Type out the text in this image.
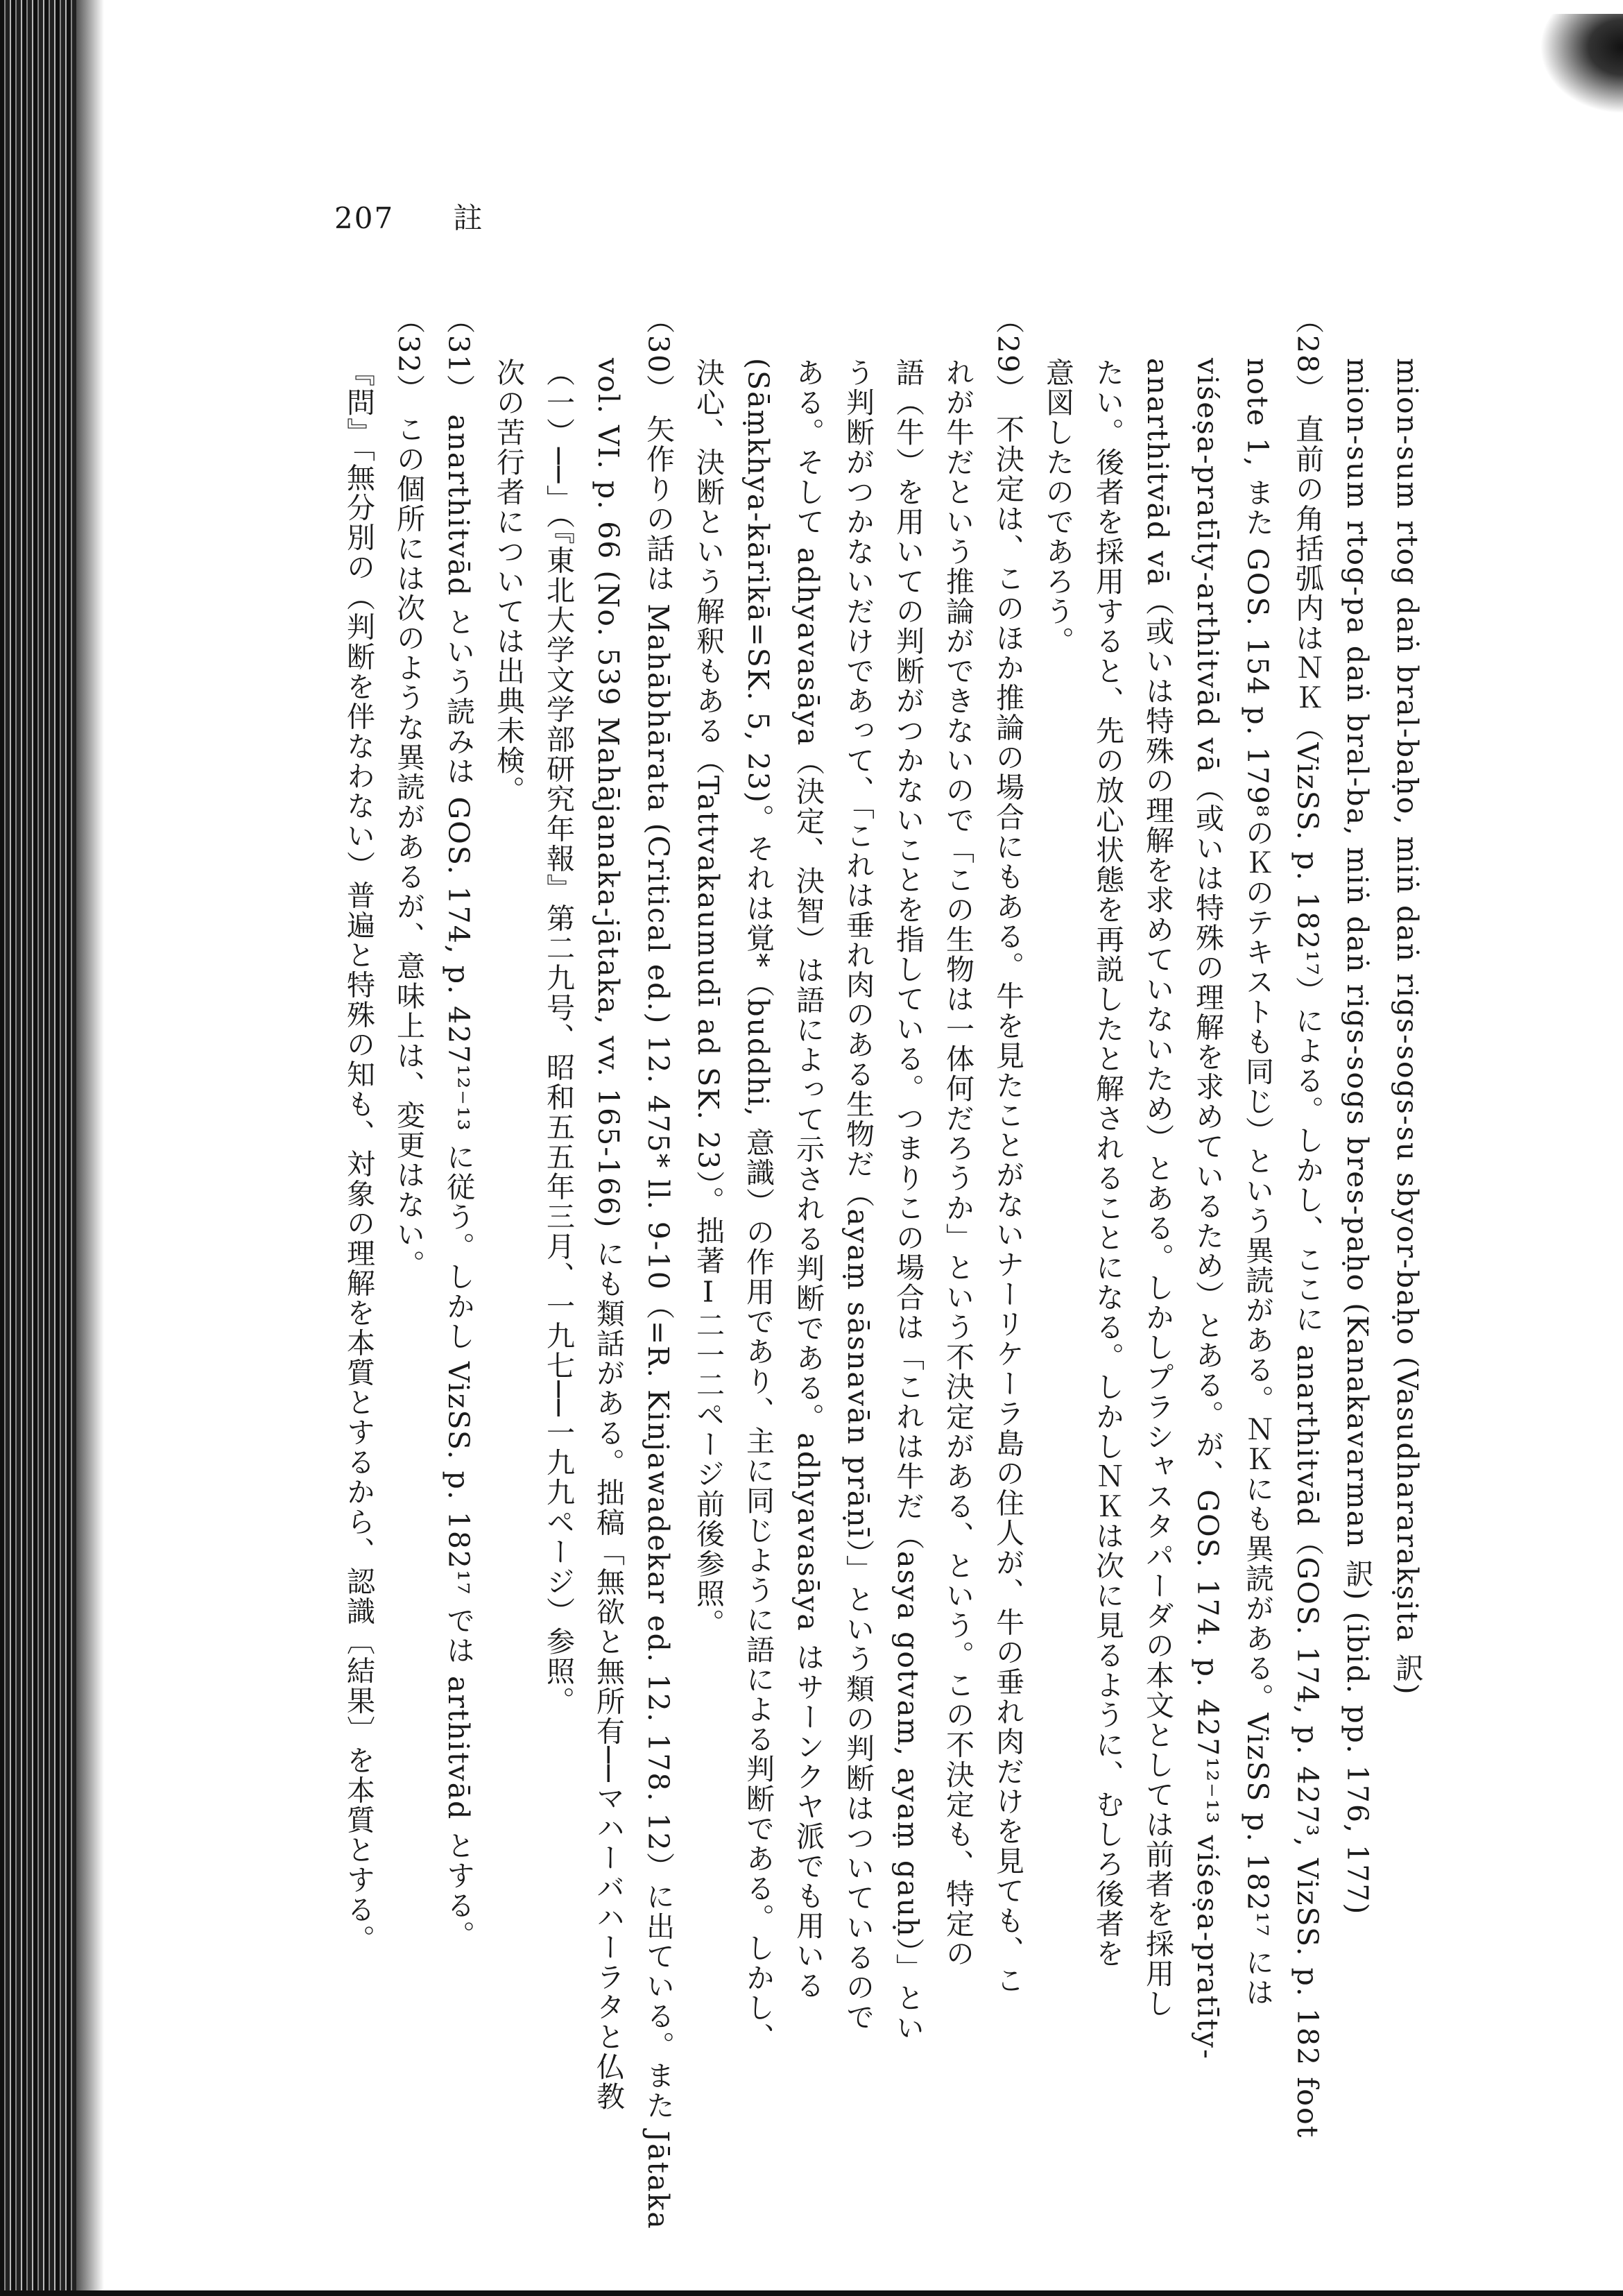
207 註
mion-sum rtog daṅ bral-baḥo, miṅ daṅ rigs-sogs-su sbyor-baḥo (Vasudhararakṣita 訳)
mion-sum rtog-pa daṅ bral-ba, miṅ daṅ rigs-sogs bres-paḥo (Kanakavarman 訳) (ibid. pp. 176, 177)
（28） 直前の角括弧内はＮＫ（VizSS. p. 182¹⁷）による。しかし、ここに anarthitvād（GOS. 174, p. 427³, VizSS. p. 182 foot
note 1, また GOS. 154 p. 179⁸のＫのテキストも同じ）という異読がある。ＮＫにも異読がある。VizSS p. 182¹⁷ には
viśeṣa-pratīty-arthitvād vā（或いは特殊の理解を求めているため）とある。が、GOS. 174. p. 427¹²⁻¹³ viśeṣa-pratīty-
anarthitvād vā（或いは特殊の理解を求めていないため）とある。しかしプラシャスタパーダの本文としては前者を採用し
たい。後者を採用すると、先の放心状態を再説したと解されることになる。しかしＮＫは次に見るように、むしろ後者を
意図したのであろう。
（29） 不決定は、このほか推論の場合にもある。牛を見たことがないナーリケーラ島の住人が、牛の垂れ肉だけを見ても、こ
れが牛だという推論ができないので「この生物は一体何だろうか」という不決定がある、という。この不決定も、特定の
語（牛）を用いての判断がつかないことを指している。つまりこの場合は「これは牛だ（asya gotvam, ayaṃ gauḥ）」とい
う判断がつかないだけであって、「これは垂れ肉のある生物だ（ayaṃ sāsnavān prāṇī）」という類の判断はついているので
ある。そして adhyavasāya（決定、決智）は語によって示される判断である。adhyavasāya はサーンクヤ派でも用いる
(Sāṃkhya-kārikā=SK. 5, 23)。それは覚*（buddhi, 意識）の作用であり、主に同じように語による判断である。しかし、
決心、決断という解釈もある（Tattvakaumudī ad SK. 23）。拙著Ⅰ二一二ページ前後参照。
（30） 矢作りの話は Mahābhārata (Critical ed.) 12. 475* ll. 9-10（=R. Kinjawadekar ed. 12. 178. 12）に出ている。また Jātaka
vol. VI. p. 66 (No. 539 Mahājanaka-jātaka, vv. 165-166) にも類話がある。拙稿「無欲と無所有──マハーバハーラタと仏教
（一）──」（『東北大学文学部研究年報』第二九号、昭和五五年三月、一九七──一九九ページ）参照。
次の苦行者については出典未検。
（31） anarthitvād という読みは GOS. 174, p. 427¹²⁻¹³ に従う。しかし VizSS. p. 182¹⁷ では arthitvād とする。
（32） この個所には次のような異読があるが、意味上は、変更はない。
『問』「無分別の（判断を伴なわない）普遍と特殊の知も、対象の理解を本質とするから、認識〔結果〕を本質とする。
